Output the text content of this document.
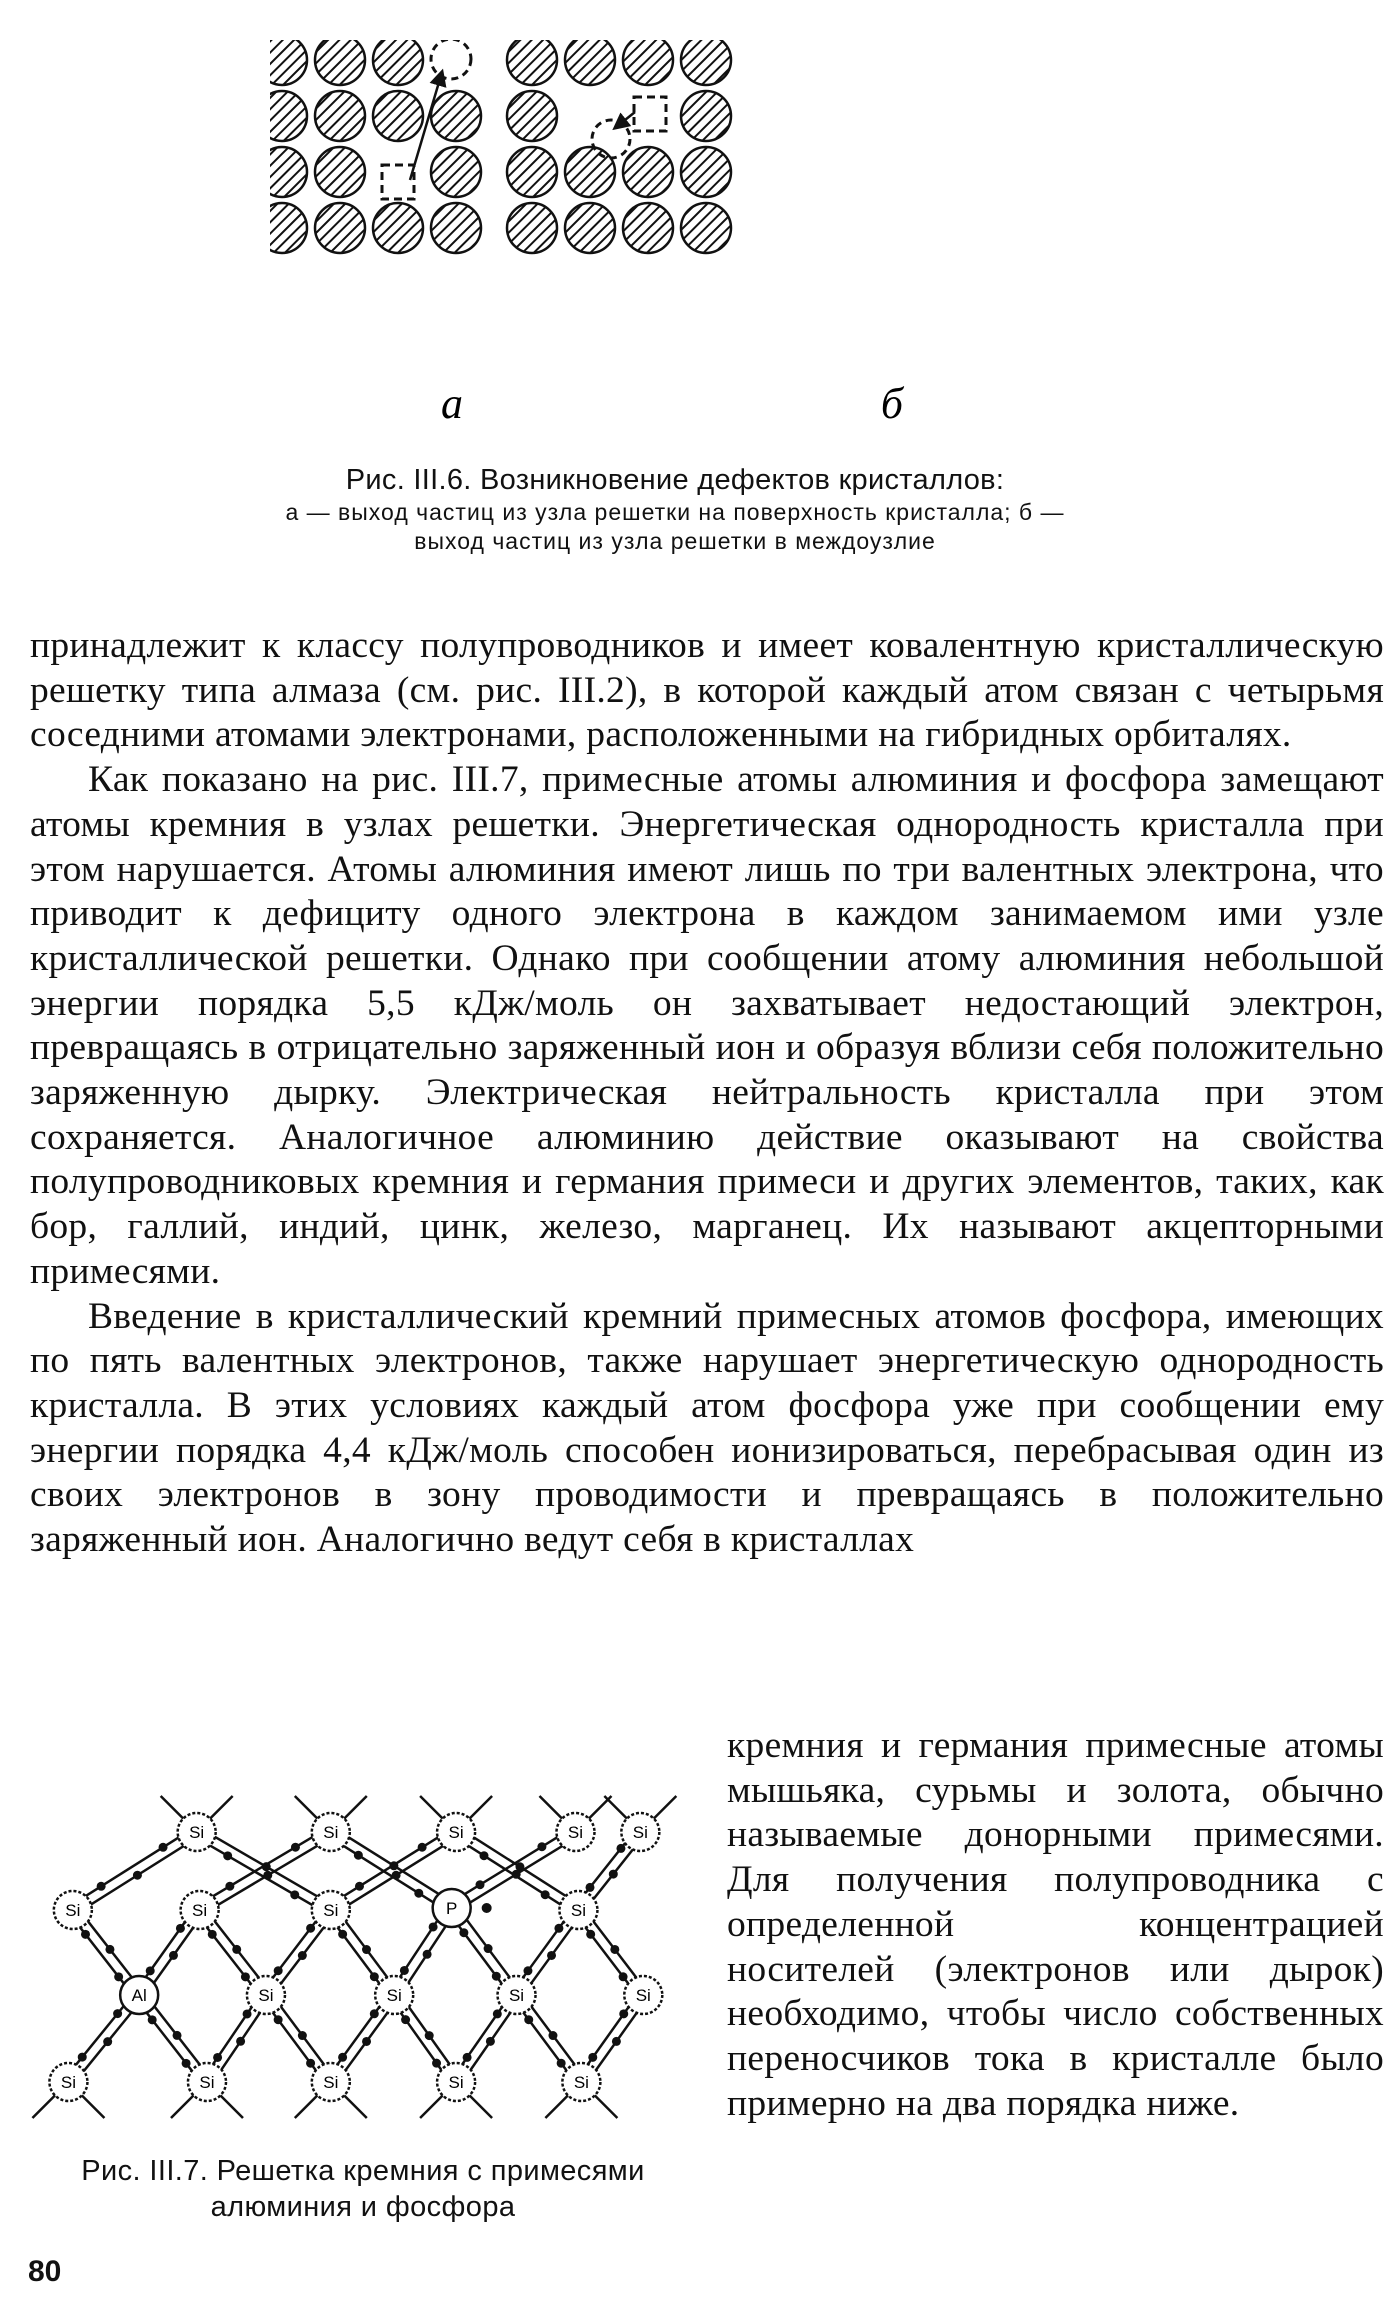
а	б
Рис. III.6. Возникновение дефектов кристаллов:
а — выход частиц из узла решетки на поверхность кристалла; б — выход частиц из узла решетки в междоузлие

принадлежит к классу полупроводников и имеет ковалентную кристаллическую решетку типа алмаза (см. рис. III.2), в которой каждый атом связан с четырьмя соседними атомами электронами, расположенными на гибридных орбиталях.

Как показано на рис. III.7, примесные атомы алюминия и фосфора замещают атомы кремния в узлах решетки. Энергетическая однородность кристалла при этом нарушается. Атомы алюминия имеют лишь по три валентных электрона, что приводит к дефициту одного электрона в каждом занимаемом ими узле кристаллической решетки. Однако при сообщении атому алюминия небольшой энергии порядка 5,5 кДж/моль он захватывает недостающий электрон, превращаясь в отрицательно заряженный ион и образуя вблизи себя положительно заряженную дырку. Электрическая нейтральность кристалла при этом сохраняется. Аналогичное алюминию действие оказывают на свойства полупроводниковых кремния и германия примеси и других элементов, таких, как бор, галлий, индий, цинк, железо, марганец. Их называют акцепторными примесями.

Введение в кристаллический кремний примесных атомов фосфора, имеющих по пять валентных электронов, также нарушает энергетическую однородность кристалла. В этих условиях каждый атом фосфора уже при сообщении ему энергии порядка 4,4 кДж/моль способен ионизироваться, перебрасывая один из своих электронов в зону проводимости и превращаясь в положительно заряженный ион. Аналогично ведут себя в кристаллах

Si	Si	Si	Si	Si
Si	Si	Si	P	Si
Al	Si	Si	Si	Si
Si	Si	Si	Si	Si
Рис. III.7. Решетка кремния с примесями алюминия и фосфора

кремния и германия примесные атомы мышьяка, сурьмы и золота, обычно называемые донорными примесями. Для получения полупроводника с определенной концентрацией носителей (электронов или дырок) необходимо, чтобы число собственных переносчиков тока в кристалле было примерно на два порядка ниже.

80
